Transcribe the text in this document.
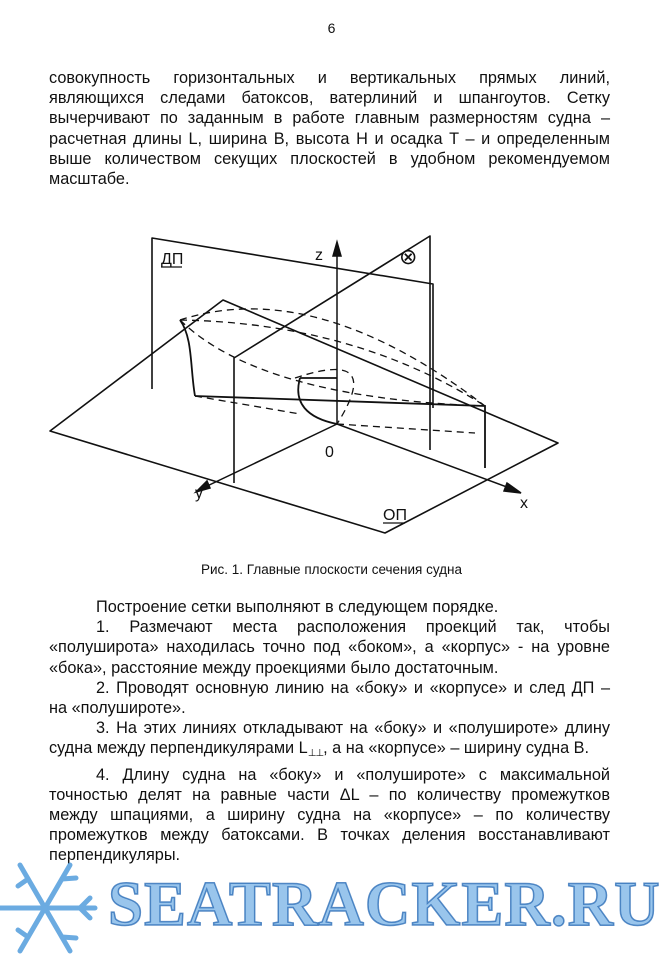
6

совокупность горизонтальных и вертикальных прямых линий, являющихся следами батоксов, ватерлиний и шпангоутов. Сетку вычерчивают по заданным в работе главным размерностям судна – расчетная длины L, ширина B, высота H и осадка T – и определенным выше количеством секущих плоскостей в удобном рекомендуемом масштабе.

ДП	⊗
z
0
y
x
ОП
Рис. 1. Главные плоскости сечения судна

Построение сетки выполняют в следующем порядке.

1. Размечают места расположения проекций так, чтобы «полуширота» находилась точно под «боком», а «корпус» - на уровне «бока», расстояние между проекциями было достаточным.

2. Проводят основную линию на «боку» и «корпусе» и след ДП – на «полушироте».

3. На этих линиях откладывают на «боку» и «полушироте» длину судна между перпендикулярами L⊥⊥, а на «корпусе» – ширину судна B.

4. Длину судна на «боку» и «полушироте» с максимальной точностью делят на равные части ΔL – по количеству промежутков между шпациями, а ширину судна на «корпусе» – по количеству промежутков между батоксами. В точках деления восстанавливают перпендикуляры.

SEATRACKER.RU
